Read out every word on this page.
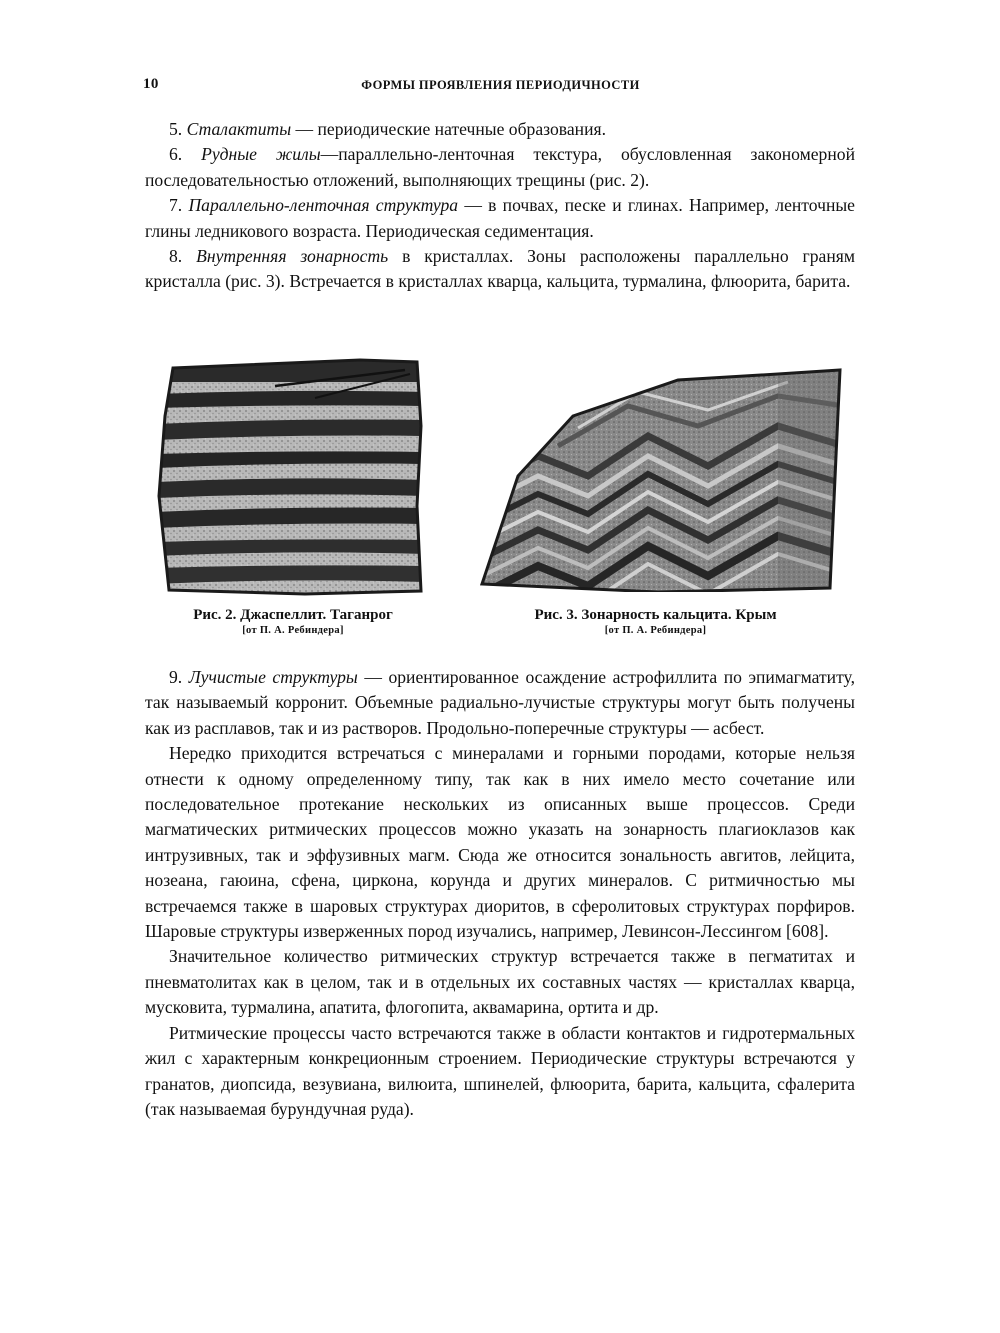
10	ФОРМЫ ПРОЯВЛЕНИЯ ПЕРИОДИЧНОСТИ

5. Сталактиты — периодические натечные образования.

6. Рудные жилы—параллельно-ленточная текстура, обусловленная закономерной последовательностью отложений, выполняющих трещины (рис. 2).

7. Параллельно-ленточная структура — в почвах, песке и глинах. Например, ленточные глины ледникового возраста. Периодическая седиментация.

8. Внутренняя зонарность в кристаллах. Зоны расположены параллельно граням кристалла (рис. 3). Встречается в кристаллах кварца, кальцита, турмалина, флюорита, барита.

Рис. 2. Джаспеллит. Таганрог
[от П. А. Ребиндера]
Рис. 3. Зонарность кальцита. Крым
[от П. А. Ребиндера]

9. Лучистые структуры — ориентированное осаждение астрофиллита по эпимагматиту, так называемый корронит. Объемные радиально-лучистые структуры могут быть получены как из расплавов, так и из растворов. Продольно-поперечные структуры — асбест.

Нередко приходится встречаться с минералами и горными породами, которые нельзя отнести к одному определенному типу, так как в них имело место сочетание или последовательное протекание нескольких из описанных выше процессов. Среди магматических ритмических процессов можно указать на зонарность плагиоклазов как интрузивных, так и эффузивных магм. Сюда же относится зональность авгитов, лейцита, нозеана, гаюина, сфена, циркона, корунда и других минералов. С ритмичностью мы встречаемся также в шаровых структурах диоритов, в сферолитовых структурах порфиров. Шаровые структуры изверженных пород изучались, например, Левинсон-Лессингом [608].

Значительное количество ритмических структур встречается также в пегматитах и пневматолитах как в целом, так и в отдельных их составных частях — кристаллах кварца, мусковита, турмалина, апатита, флогопита, аквамарина, ортита и др.

Ритмические процессы часто встречаются также в области контактов и гидротермальных жил с характерным конкреционным строением. Периодические структуры встречаются у гранатов, диопсида, везувиана, вилюита, шпинелей, флюорита, барита, кальцита, сфалерита (так называемая бурундучная руда).
